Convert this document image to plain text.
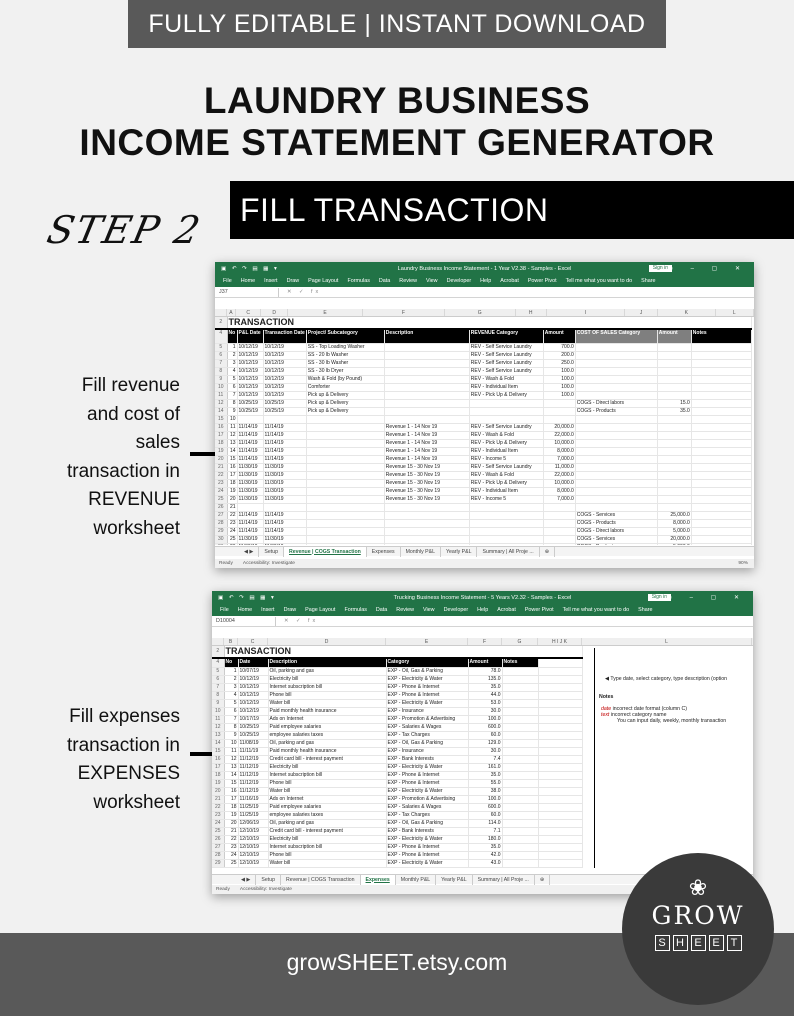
FULLY EDITABLE | INSTANT DOWNLOAD
LAUNDRY BUSINESS
INCOME STATEMENT GENERATOR
STEP 2 FILL TRANSACTION
Fill revenue
and cost of
sales
transaction in
REVENUE
worksheet
Fill expenses
transaction in
EXPENSES
worksheet
▣ ↶ ↷ ▤ ▦ ▾	Laundry Business Income Statement - 1 Year V2.38 - Samples - Excel	Sign in ▭ – ▢ ✕
File Home Insert Draw Page Layout Formulas Data Review View Developer Help Acrobat Power Pivot Tell me what you want to do Share
J37	✕ ✓ fx
A	C	D	E	F	G	H	I	J	K	L
2	TRANSACTION									
4	No	P&L Date	Transaction Date	Project/ Subcategory	Description	REVENUE Category	Amount	COST OF SALES Category	Amount	Notes
5	1	10/12/19	10/12/19	SS - Top Loading Washer		REV - Self Service Laundry	700.0			
6	2	10/12/19	10/12/19	SS - 20 lb Washer		REV - Self Service Laundry	200.0			
7	3	10/12/19	10/12/19	SS - 30 lb Washer		REV - Self Service Laundry	250.0			
8	4	10/12/19	10/12/19	SS - 30 lb Dryer		REV - Self Service Laundry	100.0			
9	5	10/12/19	10/12/19	Wash & Fold (by Pound)		REV - Wash & Fold	100.0			
10	6	10/12/19	10/12/19	Comforter		REV - Individual Item	100.0			
11	7	10/12/19	10/12/19	Pick up & Delivery		REV - Pick Up & Delivery	100.0			
12	8	10/25/19	10/25/19	Pick up & Delivery				COGS - Direct labors	15.0	
14	9	10/25/19	10/25/19	Pick up & Delivery				COGS - Products	35.0	
15	10									
16	11	11/14/19	11/14/19		Revenue 1 - 14 Nov 19	REV - Self Service Laundry	20,000.0			
17	12	11/14/19	11/14/19		Revenue 1 - 14 Nov 19	REV - Wash & Fold	22,000.0			
18	13	11/14/19	11/14/19		Revenue 1 - 14 Nov 19	REV - Pick Up & Delivery	10,000.0			
19	14	11/14/19	11/14/19		Revenue 1 - 14 Nov 19	REV - Individual Item	8,000.0			
20	15	11/14/19	11/14/19		Revenue 1 - 14 Nov 19	REV - Income 5	7,000.0			
21	16	11/30/19	11/30/19		Revenue 15 - 30 Nov 19	REV - Self Service Laundry	11,000.0			
22	17	11/30/19	11/30/19		Revenue 15 - 30 Nov 19	REV - Wash & Fold	22,000.0			
23	18	11/30/19	11/30/19		Revenue 15 - 30 Nov 19	REV - Pick Up & Delivery	10,000.0			
24	19	11/30/19	11/30/19		Revenue 15 - 30 Nov 19	REV - Individual Item	8,000.0			
25	20	11/30/19	11/30/19		Revenue 15 - 30 Nov 19	REV - Income 5	7,000.0			
26	21									
27	22	11/14/19	11/14/19					COGS - Services	25,000.0	
28	23	11/14/19	11/14/19					COGS - Products	8,000.0	
29	24	11/14/19	11/14/19					COGS - Direct labors	5,000.0	
30	25	11/30/19	11/30/19					COGS - Services	20,000.0	

◀ ▶	Setup	Revenue | COGS Transaction	Expenses	Monthly P&L	Yearly P&L	Summary | All Proje ...	⊕
Ready Accessibility: Investigate	90%
▣ ↶ ↷ ▤ ▦ ▾	Trucking Business Income Statement - 5 Years V2.32 - Samples - Excel	Sign in ▭ – ▢ ✕
File Home Insert Draw Page Layout Formulas Data Review View Developer Help Acrobat Power Pivot Tell me what you want to do Share
D10004	✕ ✓ fx
B	C	D	E	F	G	H I J K	L
2	TRANSACTION						
4	No	Date	Description	Category	Amount	Notes	
5	1	10/07/19	Oil, parking and gas	EXP - Oil, Gas & Parking	78.0		
6	2	10/12/19	Electricity bill	EXP - Electricity & Water	135.0		
7	3	10/12/19	Internet subscription bill	EXP - Phone & Internet	35.0		
8	4	10/12/19	Phone bill	EXP - Phone & Internet	44.0		
9	5	10/12/19	Water bill	EXP - Electricity & Water	53.0		
10	6	10/12/19	Paid monthly health insurance	EXP - Insurance	30.0		
11	7	10/17/19	Ads on Internet	EXP - Promotion & Advertising	100.0		
12	8	10/25/19	Paid employee salaries	EXP - Salaries & Wages	600.0		
13	9	10/25/19	employee salaries taxes	EXP - Tax Charges	60.0		
14	10	11/08/19	Oil, parking and gas	EXP - Oil, Gas & Parking	129.0		
15	11	11/11/19	Paid monthly health insurance	EXP - Insurance	30.0		
16	12	11/12/19	Credit card bill - interest payment	EXP - Bank Interests	7.4		
17	13	11/12/19	Electricity bill	EXP - Electricity & Water	161.0		
18	14	11/12/19	Internet subscription bill	EXP - Phone & Internet	35.0		
19	15	11/12/19	Phone bill	EXP - Phone & Internet	55.0		
20	16	11/12/19	Water bill	EXP - Electricity & Water	38.0		
21	17	11/16/19	Ads on Internet	EXP - Promotion & Advertising	100.0		
22	18	11/25/19	Paid employee salaries	EXP - Salaries & Wages	600.0		
23	19	11/25/19	employee salaries taxes	EXP - Tax Charges	60.0		
24	20	12/06/19	Oil, parking and gas	EXP - Oil, Gas & Parking	114.0		
25	21	12/10/19	Credit card bill - interest payment	EXP - Bank Interests	7.1		
26	22	12/10/19	Electricity bill	EXP - Electricity & Water	180.0		
27	23	12/10/19	Internet subscription bill	EXP - Phone & Internet	35.0		
28	24	12/10/19	Phone bill	EXP - Phone & Internet	42.0		
29	25	12/10/19	Water bill	EXP - Electricity & Water	43.0		
◀ Type date, select category, type description (option
Notes
date incorrect date format (column C)
text incorrect category name
You can input daily, weekly, monthly transaction
◀ ▶	Setup	Revenue | COGS Transaction	Expenses	Monthly P&L	Yearly P&L	Summary | All Proje ...	⊕
Ready Accessibility: Investigate
growSHEET.etsy.com
❀
GROW
S H E E T
